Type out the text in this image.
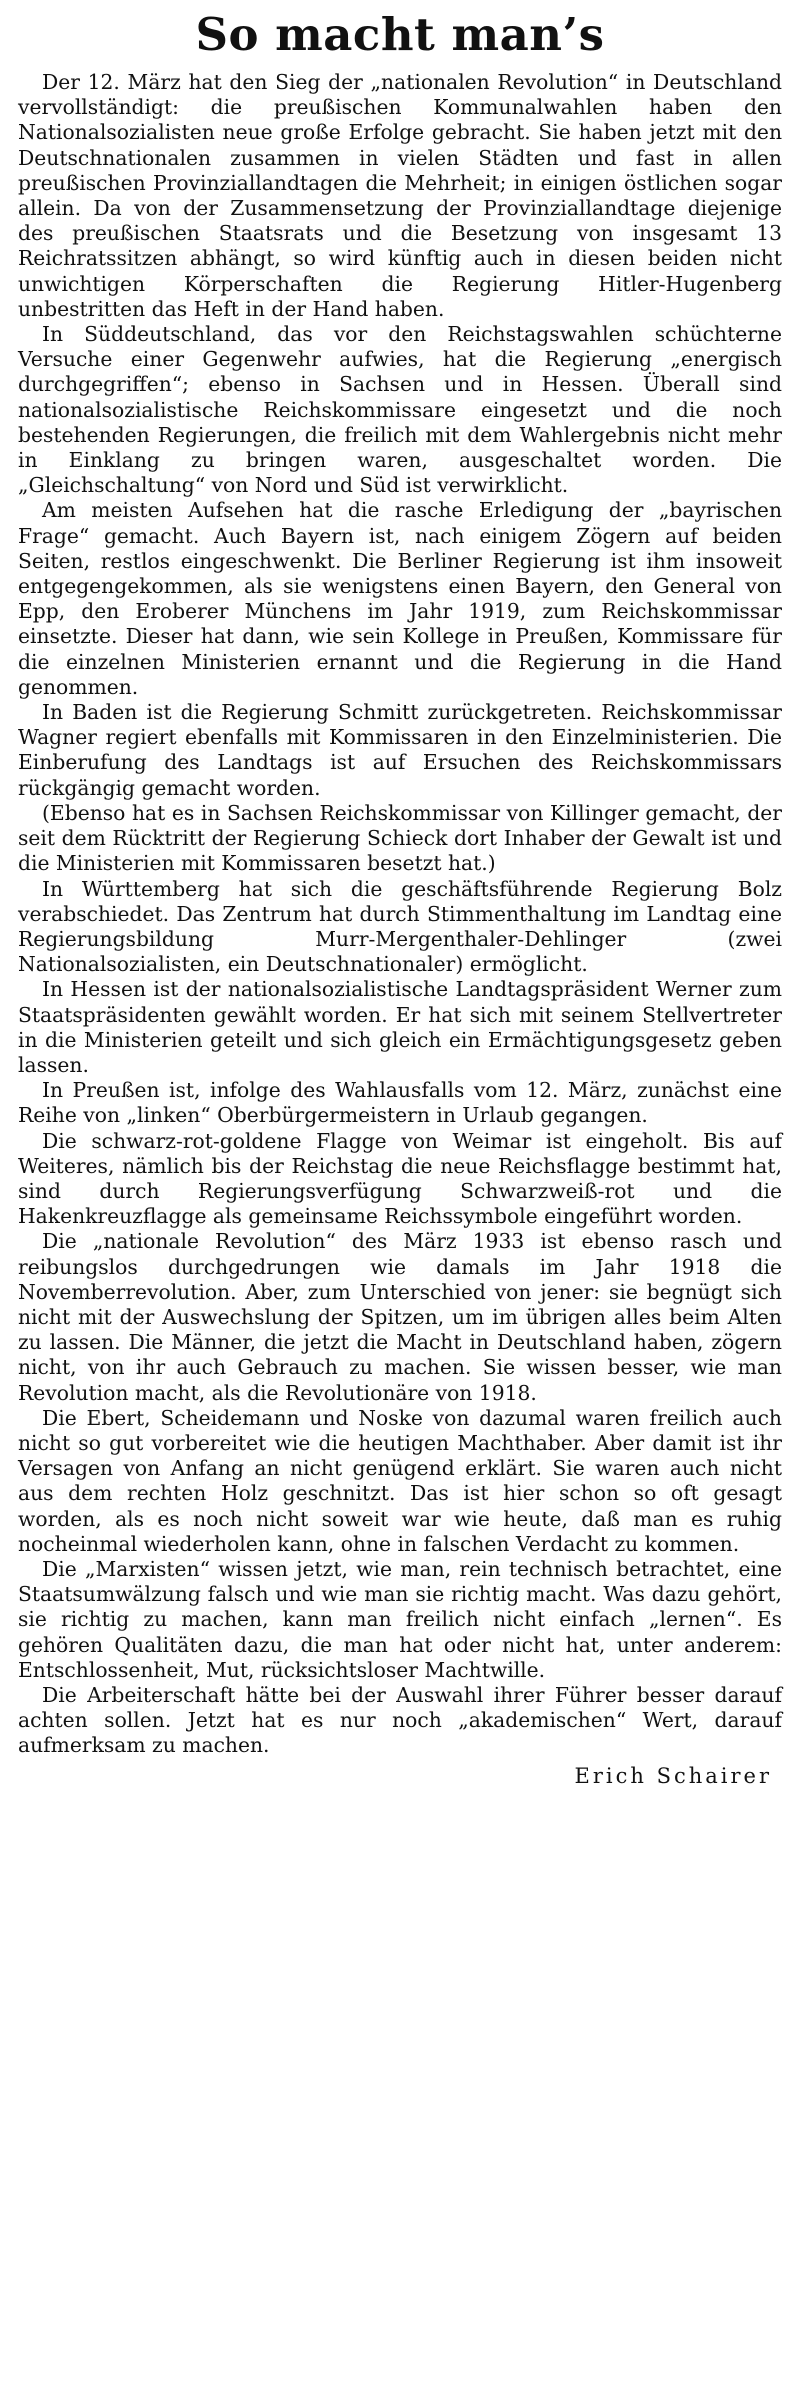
So macht man’s

Der 12. März hat den Sieg der „nationalen Revolution“ in Deutschland vervollständigt: die preußischen Kommunalwahlen haben den Nationalsozialisten neue große Erfolge gebracht. Sie haben jetzt mit den Deutschnationalen zusammen in vielen Städten und fast in allen preußischen Provinziallandtagen die Mehrheit; in einigen östlichen sogar allein. Da von der Zusammensetzung der Provinziallandtage diejenige des preußischen Staatsrats und die Besetzung von insgesamt 13 Reichratssitzen abhängt, so wird künftig auch in diesen beiden nicht unwichtigen Körperschaften die Regierung Hitler-Hugenberg unbestritten das Heft in der Hand haben.

In Süddeutschland, das vor den Reichstagswahlen schüchterne Versuche einer Gegenwehr aufwies, hat die Regierung „energisch durchgegriffen“; ebenso in Sachsen und in Hessen. Überall sind nationalsozialistische Reichskommissare eingesetzt und die noch bestehenden Regierungen, die freilich mit dem Wahlergebnis nicht mehr in Einklang zu bringen waren, ausgeschaltet worden. Die „Gleichschaltung“ von Nord und Süd ist verwirklicht.

Am meisten Aufsehen hat die rasche Erledigung der „bayrischen Frage“ gemacht. Auch Bayern ist, nach einigem Zögern auf beiden Seiten, restlos eingeschwenkt. Die Berliner Regierung ist ihm insoweit entgegengekommen, als sie wenigstens einen Bayern, den General von Epp, den Eroberer Münchens im Jahr 1919, zum Reichskommissar einsetzte. Dieser hat dann, wie sein Kollege in Preußen, Kommissare für die einzelnen Ministerien ernannt und die Regierung in die Hand genommen.

In Baden ist die Regierung Schmitt zurückgetreten. Reichskommissar Wagner regiert ebenfalls mit Kommissaren in den Einzelministerien. Die Einberufung des Landtags ist auf Ersuchen des Reichskommissars rückgängig gemacht worden.

(Ebenso hat es in Sachsen Reichskommissar von Killinger gemacht, der seit dem Rücktritt der Regierung Schieck dort Inhaber der Gewalt ist und die Ministerien mit Kommissaren besetzt hat.)

In Württemberg hat sich die geschäftsführende Regierung Bolz verabschiedet. Das Zentrum hat durch Stimmenthaltung im Landtag eine Regierungsbildung Murr-Mergenthaler-Dehlinger (zwei Nationalsozialisten, ein Deutschnationaler) ermöglicht.

In Hessen ist der nationalsozialistische Landtagspräsident Werner zum Staatspräsidenten gewählt worden. Er hat sich mit seinem Stellvertreter in die Ministerien geteilt und sich gleich ein Ermächtigungsgesetz geben lassen.

In Preußen ist, infolge des Wahlausfalls vom 12. März, zunächst eine Reihe von „linken“ Oberbürgermeistern in Urlaub gegangen.

Die schwarz-rot-goldene Flagge von Weimar ist eingeholt. Bis auf Weiteres, nämlich bis der Reichstag die neue Reichsflagge bestimmt hat, sind durch Regierungsverfügung Schwarzweiß-rot und die Hakenkreuzflagge als gemeinsame Reichssymbole eingeführt worden.

Die „nationale Revolution“ des März 1933 ist ebenso rasch und reibungslos durchgedrungen wie damals im Jahr 1918 die Novemberrevolution. Aber, zum Unterschied von jener: sie begnügt sich nicht mit der Auswechslung der Spitzen, um im übrigen alles beim Alten zu lassen. Die Männer, die jetzt die Macht in Deutschland haben, zögern nicht, von ihr auch Gebrauch zu machen. Sie wissen besser, wie man Revolution macht, als die Revolutionäre von 1918.

Die Ebert, Scheidemann und Noske von dazumal waren freilich auch nicht so gut vorbereitet wie die heutigen Machthaber. Aber damit ist ihr Versagen von Anfang an nicht genügend erklärt. Sie waren auch nicht aus dem rechten Holz geschnitzt. Das ist hier schon so oft gesagt worden, als es noch nicht soweit war wie heute, daß man es ruhig nocheinmal wiederholen kann, ohne in falschen Verdacht zu kommen.

Die „Marxisten“ wissen jetzt, wie man, rein technisch betrachtet, eine Staatsumwälzung falsch und wie man sie richtig macht. Was dazu gehört, sie richtig zu machen, kann man freilich nicht einfach „lernen“. Es gehören Qualitäten dazu, die man hat oder nicht hat, unter anderem: Entschlossenheit, Mut, rücksichtsloser Machtwille.

Die Arbeiterschaft hätte bei der Auswahl ihrer Führer besser darauf achten sollen. Jetzt hat es nur noch „akademischen“ Wert, darauf aufmerksam zu machen.

Erich Schairer
